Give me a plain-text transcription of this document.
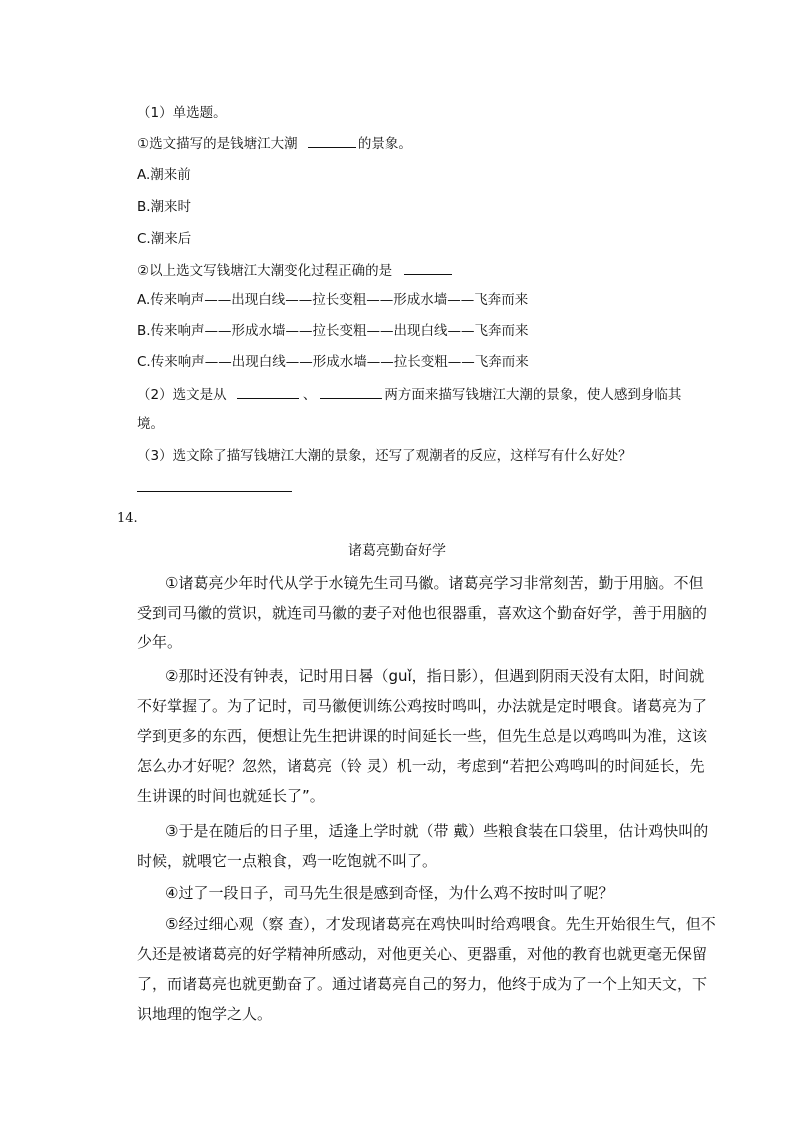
（1）单选题。
①选文描写的是钱塘江大潮	的景象。
A.潮来前
B.潮来时
C.潮来后
②以上选文写钱塘江大潮变化过程正确的是
A.传来响声——出现白线——拉长变粗——形成水墙——飞奔而来
B.传来响声——形成水墙——拉长变粗——出现白线——飞奔而来
C.传来响声——出现白线——形成水墙——拉长变粗——飞奔而来
（2）选文是从	、	两方面来描写钱塘江大潮的景象，使人感到身临其
境。
（3）选文除了描写钱塘江大潮的景象，还写了观潮者的反应，这样写有什么好处？
14.
诸葛亮勤奋好学
①诸葛亮少年时代从学于水镜先生司马徽。诸葛亮学习非常刻苦，勤于用脑。不但
受到司马徽的赏识，就连司马徽的妻子对他也很器重，喜欢这个勤奋好学，善于用脑的
少年。
②那时还没有钟表，记时用日晷（guǐ，指日影），但遇到阴雨天没有太阳，时间就
不好掌握了。为了记时，司马徽便训练公鸡按时鸣叫，办法就是定时喂食。诸葛亮为了
学到更多的东西，便想让先生把讲课的时间延长一些，但先生总是以鸡鸣叫为准，这该
怎么办才好呢？忽然，诸葛亮（铃 灵）机一动，考虑到“若把公鸡鸣叫的时间延长，先
生讲课的时间也就延长了”。
③于是在随后的日子里，适逢上学时就（带 戴）些粮食装在口袋里，估计鸡快叫的
时候，就喂它一点粮食，鸡一吃饱就不叫了。
④过了一段日子，司马先生很是感到奇怪，为什么鸡不按时叫了呢？
⑤经过细心观（察 查），才发现诸葛亮在鸡快叫时给鸡喂食。先生开始很生气，但不
久还是被诸葛亮的好学精神所感动，对他更关心、更器重，对他的教育也就更毫无保留
了，而诸葛亮也就更勤奋了。通过诸葛亮自己的努力，他终于成为了一个上知天文，下
识地理的饱学之人。
